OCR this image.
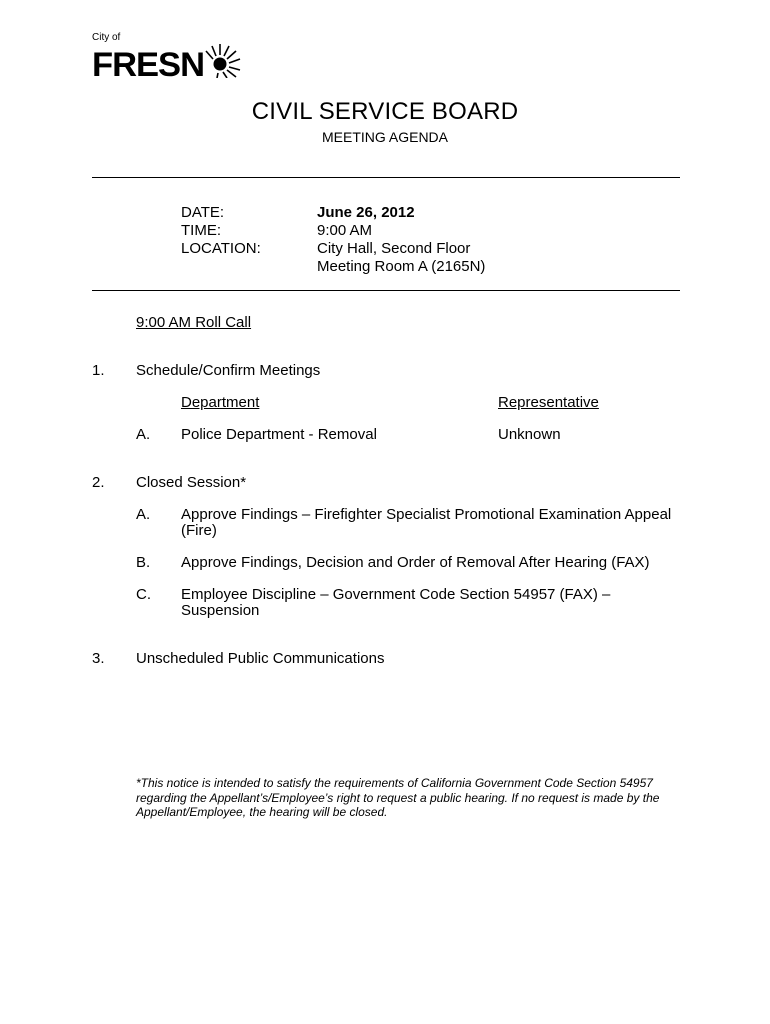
City of
FRESN
CIVIL SERVICE BOARD
MEETING AGENDA
DATE:	June 26, 2012
TIME:	9:00 AM
LOCATION:	City Hall, Second Floor
Meeting Room A (2165N)
9:00 AM Roll Call
1. Schedule/Confirm Meetings
Department	Representative
A. Police Department - Removal	Unknown
2. Closed Session*
A. Approve Findings – Firefighter Specialist Promotional Examination Appeal
(Fire)
B. Approve Findings, Decision and Order of Removal After Hearing (FAX)
C. Employee Discipline – Government Code Section 54957 (FAX) –
Suspension
3. Unscheduled Public Communications
*This notice is intended to satisfy the requirements of California Government Code Section 54957 regarding the Appellant’s/Employee’s right to request a public hearing. If no request is made by the Appellant/Employee, the hearing will be closed.
